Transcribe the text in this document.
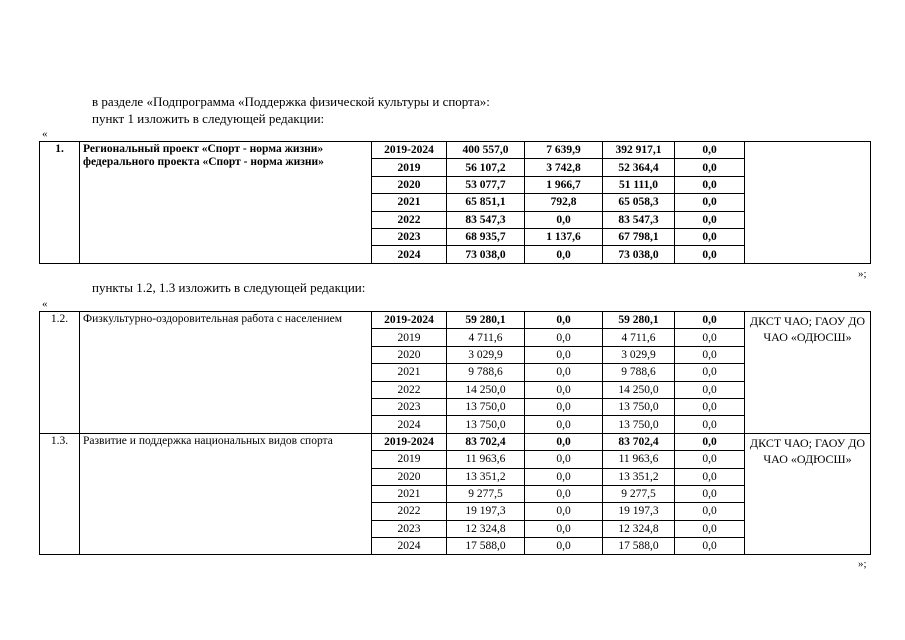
в разделе «Подпрограмма «Поддержка физической культуры и спорта»:
пункт 1 изложить в следующей редакции:
«
1.	Региональный проект «Спорт - норма жизни»
федерального проекта «Спорт - норма жизни»	2019-2024	400 557,0	7 639,9	392 917,1	0,0	
		2019	56 107,2	3 742,8	52 364,4	0,0	
		2020	53 077,7	1 966,7	51 111,0	0,0	
		2021	65 851,1	792,8	65 058,3	0,0	
		2022	83 547,3	0,0	83 547,3	0,0	
		2023	68 935,7	1 137,6	67 798,1	0,0	
		2024	73 038,0	0,0	73 038,0	0,0	
»;
пункты 1.2, 1.3 изложить в следующей редакции:
«
1.2.	Физкультурно-оздоровительная работа с населением	2019-2024	59 280,1	0,0	59 280,1	0,0	ДКСТ ЧАО; ГАОУ ДО ЧАО «ОДЮСШ»
		2019	4 711,6	0,0	4 711,6	0,0	
		2020	3 029,9	0,0	3 029,9	0,0	
		2021	9 788,6	0,0	9 788,6	0,0	
		2022	14 250,0	0,0	14 250,0	0,0	
		2023	13 750,0	0,0	13 750,0	0,0	
		2024	13 750,0	0,0	13 750,0	0,0	
1.3.	Развитие и поддержка национальных видов спорта	2019-2024	83 702,4	0,0	83 702,4	0,0	ДКСТ ЧАО; ГАОУ ДО ЧАО «ОДЮСШ»
		2019	11 963,6	0,0	11 963,6	0,0	
		2020	13 351,2	0,0	13 351,2	0,0	
		2021	9 277,5	0,0	9 277,5	0,0	
		2022	19 197,3	0,0	19 197,3	0,0	
		2023	12 324,8	0,0	12 324,8	0,0	
		2024	17 588,0	0,0	17 588,0	0,0	
»;
